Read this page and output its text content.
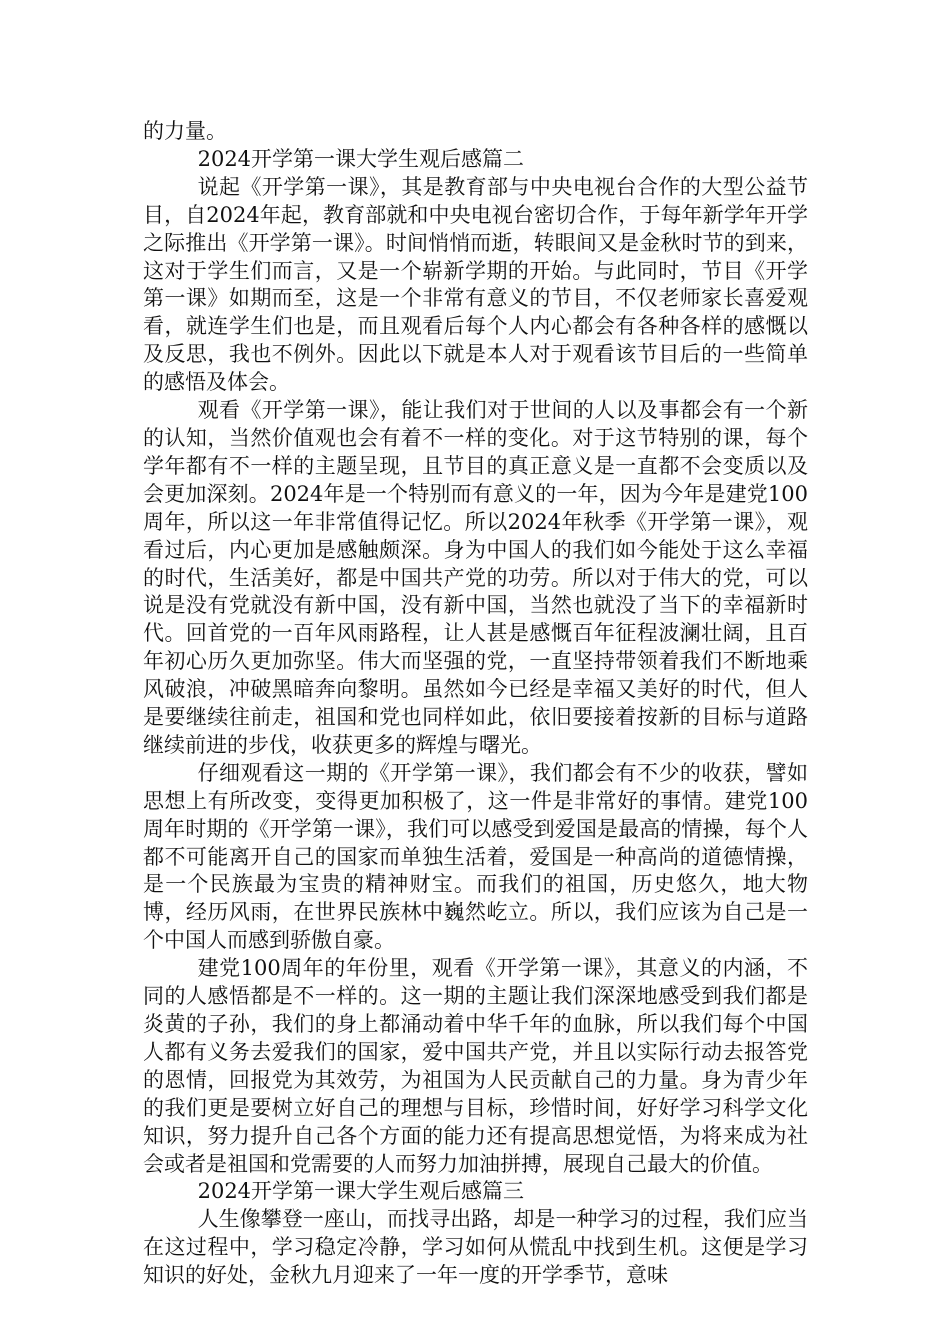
的力量。

2024开学第一课大学生观后感篇二

说起《开学第一课》，其是教育部与中央电视台合作的大型公益节目，自2024年起，教育部就和中央电视台密切合作，于每年新学年开学之际推出《开学第一课》。时间悄悄而逝，转眼间又是金秋时节的到来，这对于学生们而言，又是一个崭新学期的开始。与此同时，节目《开学第一课》如期而至，这是一个非常有意义的节目，不仅老师家长喜爱观看，就连学生们也是，而且观看后每个人内心都会有各种各样的感慨以及反思，我也不例外。因此以下就是本人对于观看该节目后的一些简单的感悟及体会。

观看《开学第一课》，能让我们对于世间的人以及事都会有一个新的认知，当然价值观也会有着不一样的变化。对于这节特别的课，每个学年都有不一样的主题呈现，且节目的真正意义是一直都不会变质以及会更加深刻。2024年是一个特别而有意义的一年，因为今年是建党100周年，所以这一年非常值得记忆。所以2024年秋季《开学第一课》，观看过后，内心更加是感触颇深。身为中国人的我们如今能处于这么幸福的时代，生活美好，都是中国共产党的功劳。所以对于伟大的党，可以说是没有党就没有新中国，没有新中国，当然也就没了当下的幸福新时代。回首党的一百年风雨路程，让人甚是感慨百年征程波澜壮阔，且百年初心历久更加弥坚。伟大而坚强的党，一直坚持带领着我们不断地乘风破浪，冲破黑暗奔向黎明。虽然如今已经是幸福又美好的时代，但人是要继续往前走，祖国和党也同样如此，依旧要接着按新的目标与道路继续前进的步伐，收获更多的辉煌与曙光。

仔细观看这一期的《开学第一课》，我们都会有不少的收获，譬如思想上有所改变，变得更加积极了，这一件是非常好的事情。建党100周年时期的《开学第一课》，我们可以感受到爱国是最高的情操，每个人都不可能离开自己的国家而单独生活着，爱国是一种高尚的道德情操，是一个民族最为宝贵的精神财宝。而我们的祖国，历史悠久，地大物博，经历风雨，在世界民族林中巍然屹立。所以，我们应该为自己是一个中国人而感到骄傲自豪。

建党100周年的年份里，观看《开学第一课》，其意义的内涵，不同的人感悟都是不一样的。这一期的主题让我们深深地感受到我们都是炎黄的子孙，我们的身上都涌动着中华千年的血脉，所以我们每个中国人都有义务去爱我们的国家，爱中国共产党，并且以实际行动去报答党的恩情，回报党为其效劳，为祖国为人民贡献自己的力量。身为青少年的我们更是要树立好自己的理想与目标，珍惜时间，好好学习科学文化知识，努力提升自己各个方面的能力还有提高思想觉悟，为将来成为社会或者是祖国和党需要的人而努力加油拼搏，展现自己最大的价值。

2024开学第一课大学生观后感篇三

人生像攀登一座山，而找寻出路，却是一种学习的过程，我们应当在这过程中，学习稳定冷静，学习如何从慌乱中找到生机。这便是学习知识的好处，金秋九月迎来了一年一度的开学季节，意味
